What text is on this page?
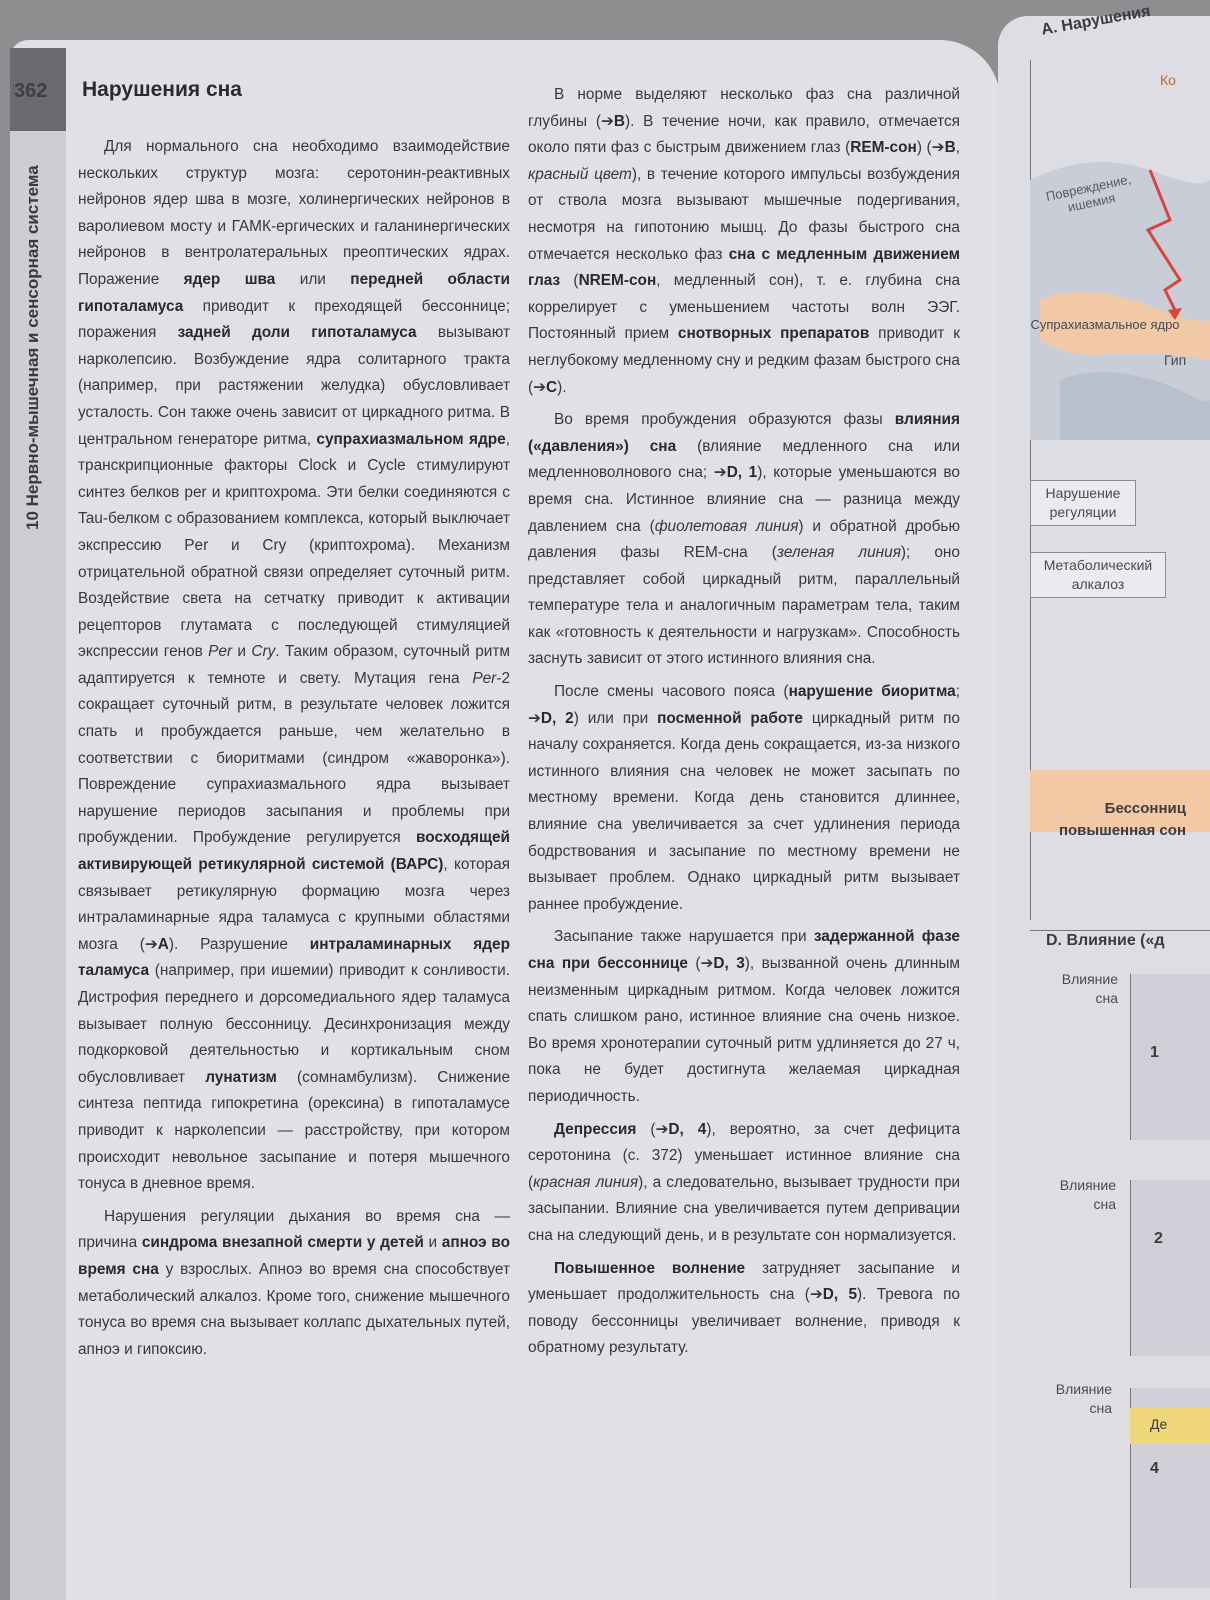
362
10 Нервно-мышечная и сенсорная система
Нарушения сна

Для нормального сна необходимо взаимодействие нескольких структур мозга: серотонин-реактивных нейронов ядер шва в мозге, холинергических нейронов в варолиевом мосту и ГАМК-ергических и галанинергических нейронов в вентролатеральных преоптических ядрах. Поражение ядер шва или передней области гипоталамуса приводит к преходящей бессоннице; поражения задней доли гипоталамуса вызывают нарколепсию. Возбуждение ядра солитарного тракта (например, при растяжении желудка) обусловливает усталость. Сон также очень зависит от циркадного ритма. В центральном генераторе ритма, супрахиазмальном ядре, транскрипционные факторы Clock и Cycle стимулируют синтез белков per и криптохрома. Эти белки соединяются с Tau-белком с образованием комплекса, который выключает экспрессию Per и Cry (криптохрома). Механизм отрицательной обратной связи определяет суточный ритм. Воздействие света на сетчатку приводит к активации рецепторов глутамата с последующей стимуляцией экспрессии генов Per и Cry. Таким образом, суточный ритм адаптируется к темноте и свету. Мутация гена Per-2 сокращает суточный ритм, в результате человек ложится спать и пробуждается раньше, чем желательно в соответствии с биоритмами (синдром «жаворонка»). Повреждение супрахиазмального ядра вызывает нарушение периодов засыпания и проблемы при пробуждении. Пробуждение регулируется восходящей активирующей ретикулярной системой (ВАРС), которая связывает ретикулярную формацию мозга через интраламинарные ядра таламуса с крупными областями мозга (➔A). Разрушение интраламинарных ядер таламуса (например, при ишемии) приводит к сонливости. Дистрофия переднего и дорсомедиального ядер таламуса вызывает полную бессонницу. Десинхронизация между подкорковой деятельностью и кортикальным сном обусловливает лунатизм (сомнамбулизм). Снижение синтеза пептида гипокретина (орексина) в гипоталамусе приводит к нарколепсии — расстройству, при котором происходит невольное засыпание и потеря мышечного тонуса в дневное время.

Нарушения регуляции дыхания во время сна — причина синдрома внезапной смерти у детей и апноэ во время сна у взрослых. Апноэ во время сна способствует метаболический алкалоз. Кроме того, снижение мышечного тонуса во время сна вызывает коллапс дыхательных путей, апноэ и гипоксию.

В норме выделяют несколько фаз сна различной глубины (➔B). В течение ночи, как правило, отмечается около пяти фаз с быстрым движением глаз (REM-сон) (➔B, красный цвет), в течение которого импульсы возбуждения от ствола мозга вызывают мышечные подергивания, несмотря на гипотонию мышц. До фазы быстрого сна отмечается несколько фаз сна с медленным движением глаз (NREM-сон, медленный сон), т. е. глубина сна коррелирует с уменьшением частоты волн ЭЭГ. Постоянный прием снотворных препаратов приводит к неглубокому медленному сну и редким фазам быстрого сна (➔C).

Во время пробуждения образуются фазы влияния («давления») сна (влияние медленного сна или медленноволнового сна; ➔D, 1), которые уменьшаются во время сна. Истинное влияние сна — разница между давлением сна (фиолетовая линия) и обратной дробью давления фазы REM-сна (зеленая линия); оно представляет собой циркадный ритм, параллельный температуре тела и аналогичным параметрам тела, таким как «готовность к деятельности и нагрузкам». Способность заснуть зависит от этого истинного влияния сна.

После смены часового пояса (нарушение биоритма; ➔D, 2) или при посменной работе циркадный ритм по началу сохраняется. Когда день сокращается, из-за низкого истинного влияния сна человек не может засыпать по местному времени. Когда день становится длиннее, влияние сна увеличивается за счет удлинения периода бодрствования и засыпание по местному времени не вызывает проблем. Однако циркадный ритм вызывает раннее пробуждение.

Засыпание также нарушается при задержанной фазе сна при бессоннице (➔D, 3), вызванной очень длинным неизменным циркадным ритмом. Когда человек ложится спать слишком рано, истинное влияние сна очень низкое. Во время хронотерапии суточный ритм удлиняется до 27 ч, пока не будет достигнута желаемая циркадная периодичность.

Депрессия (➔D, 4), вероятно, за счет дефицита серотонина (с. 372) уменьшает истинное влияние сна (красная линия), а следовательно, вызывает трудности при засыпании. Влияние сна увеличивается путем депривации сна на следующий день, и в результате сон нормализуется.

Повышенное волнение затрудняет засыпание и уменьшает продолжительность сна (➔D, 5). Тревога по поводу бессонницы увеличивает волнение, приводя к обратному результату.

A. Нарушения
Ко
Повреждение, ишемия
Супрахиазмальное ядро
Гип
Нарушение регуляции
Метаболический алкалоз
Бессонниц
повышенная сон
D. Влияние («д
Влияние сна
1
Влияние сна
2
Де
Влияние сна
4
